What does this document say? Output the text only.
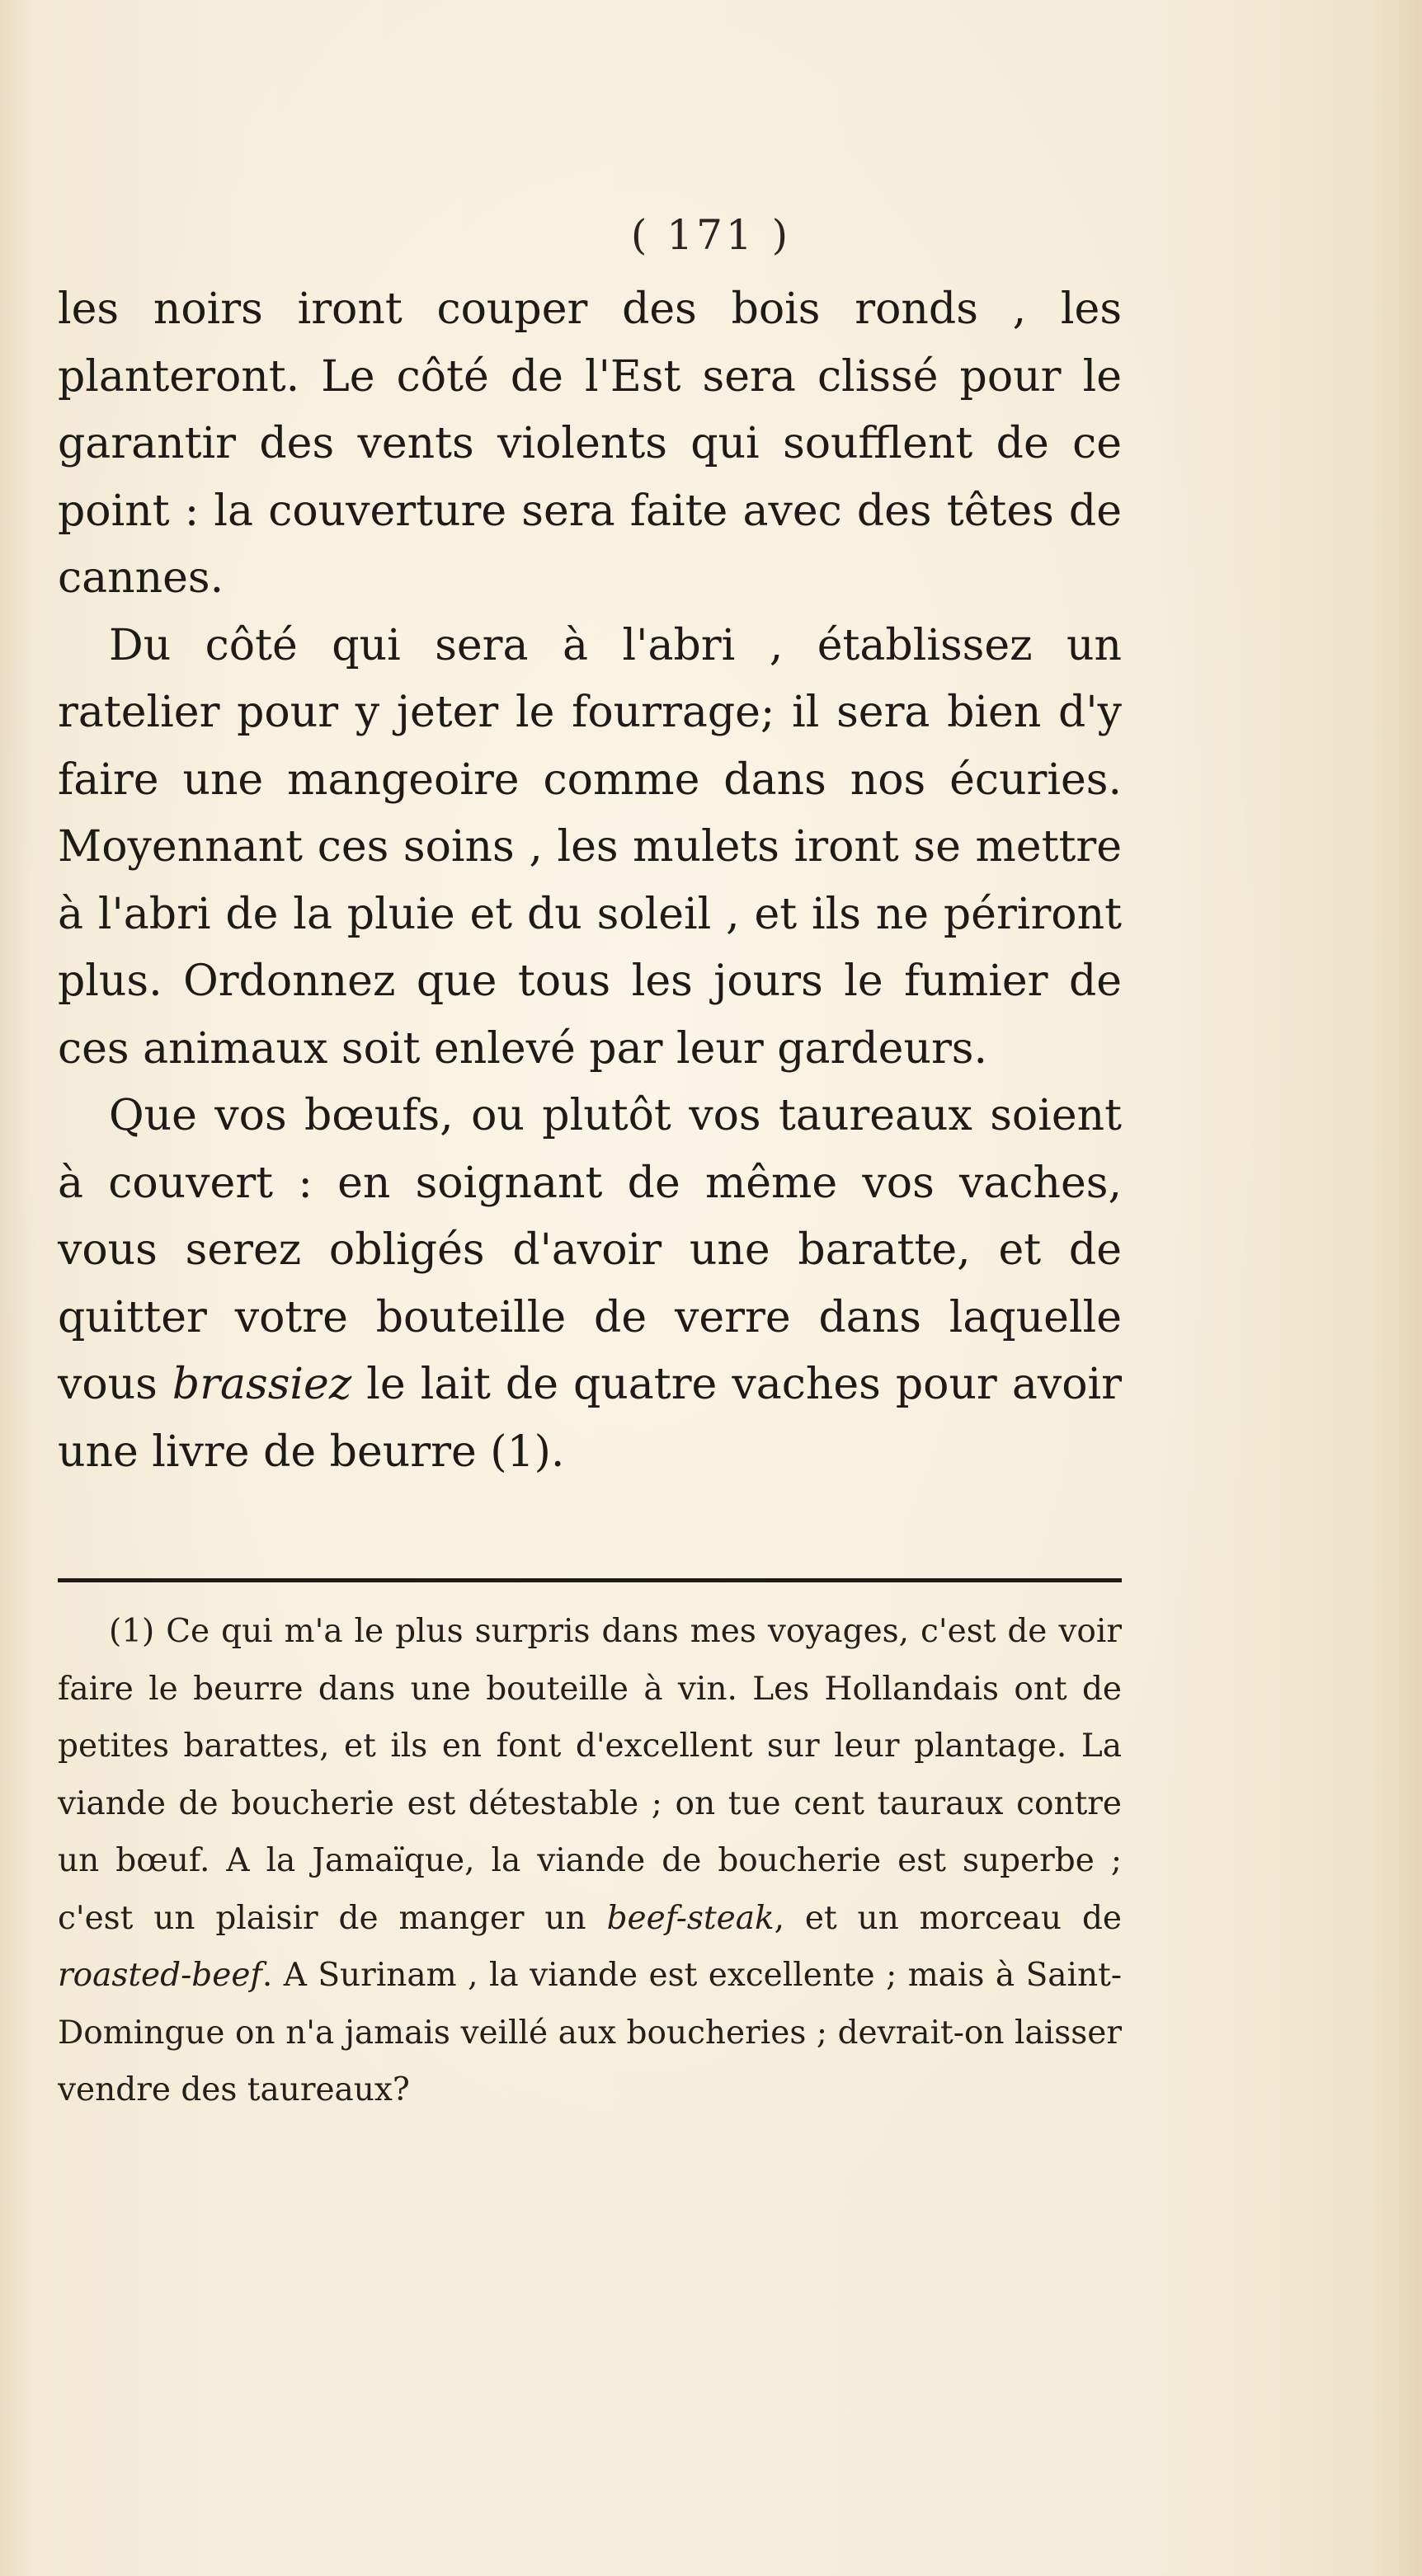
( 171 )

les noirs iront couper des bois ronds , les planteront. Le côté de l'Est sera clissé pour le garantir des vents violents qui soufflent de ce point : la couverture sera faite avec des têtes de cannes.

Du côté qui sera à l'abri , établissez un ratelier pour y jeter le fourrage; il sera bien d'y faire une mangeoire comme dans nos écuries. Moyennant ces soins , les mulets iront se mettre à l'abri de la pluie et du soleil , et ils ne périront plus. Ordonnez que tous les jours le fumier de ces animaux soit enlevé par leur gardeurs.

Que vos bœufs, ou plutôt vos taureaux soient à couvert : en soignant de même vos vaches, vous serez obligés d'avoir une baratte, et de quitter votre bouteille de verre dans laquelle vous brassiez le lait de quatre vaches pour avoir une livre de beurre (1).

(1) Ce qui m'a le plus surpris dans mes voyages, c'est de voir faire le beurre dans une bouteille à vin. Les Hollandais ont de petites barattes, et ils en font d'excellent sur leur plantage. La viande de boucherie est détestable ; on tue cent tauraux contre un bœuf. A la Jamaïque, la viande de boucherie est superbe ; c'est un plaisir de manger un beef-steak, et un morceau de roasted-beef. A Surinam , la viande est excellente ; mais à Saint-Domingue on n'a jamais veillé aux boucheries ; devrait-on laisser vendre des taureaux?
